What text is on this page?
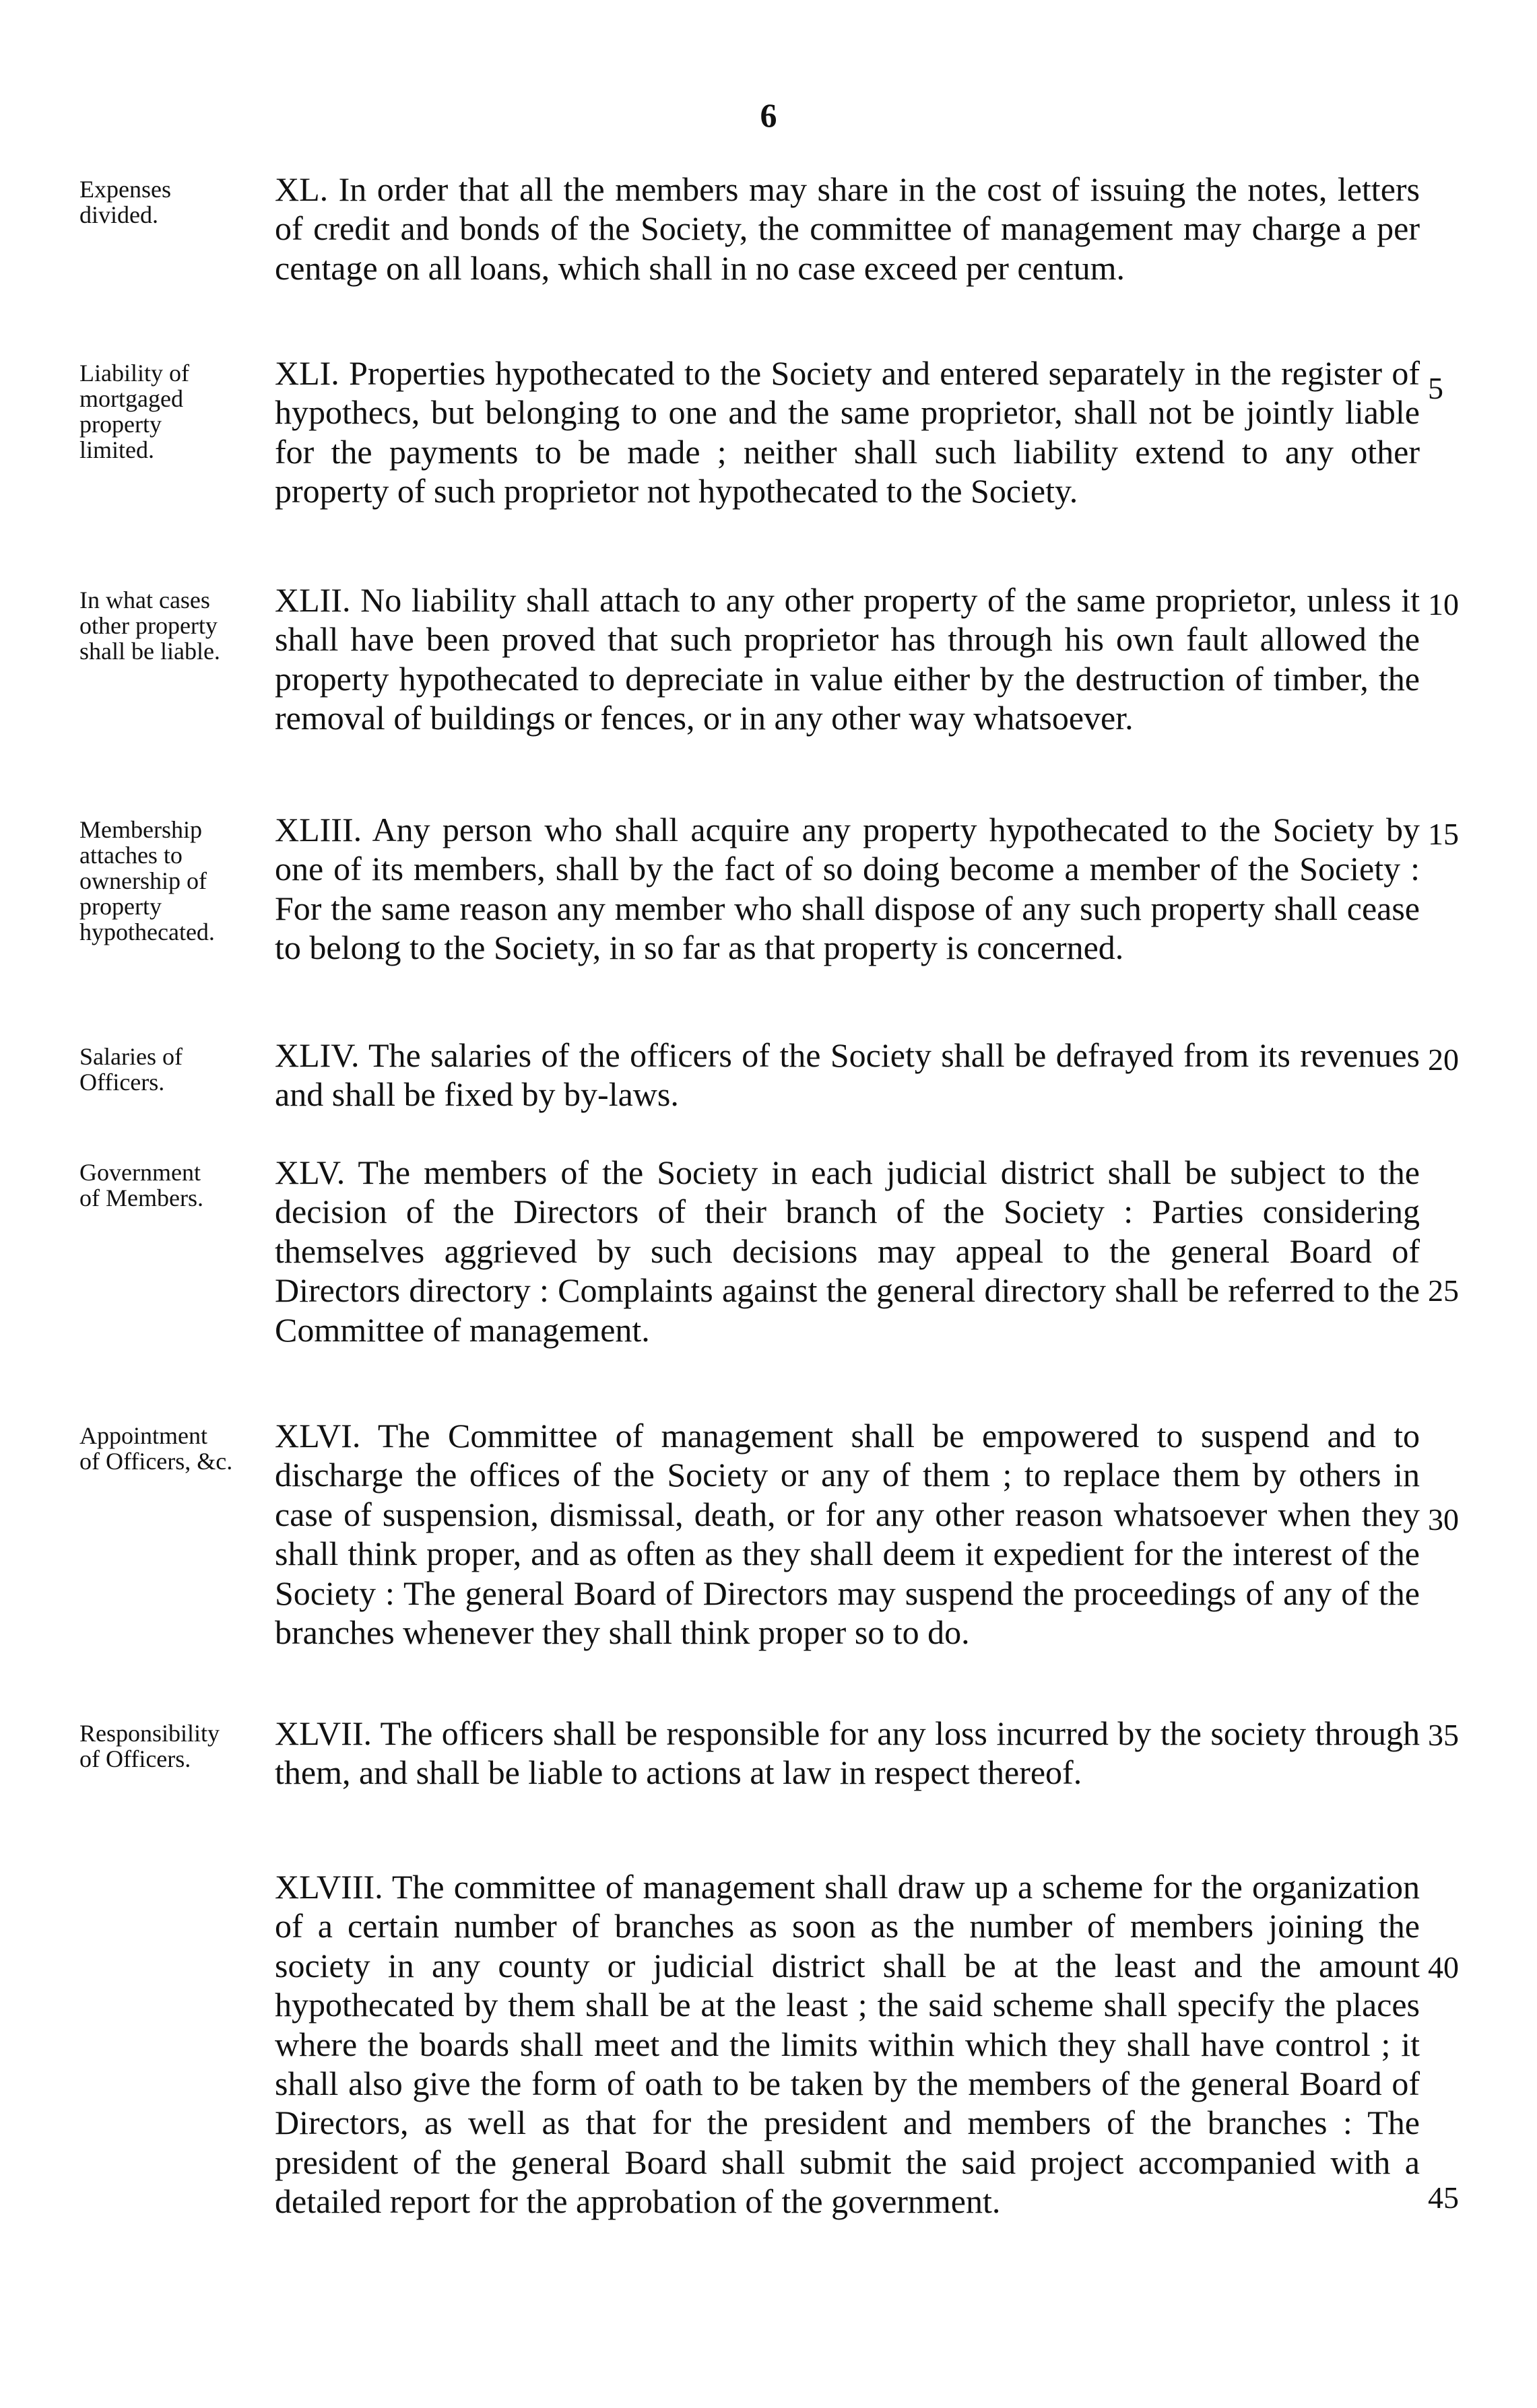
6
Expenses
divided.
XL. In order that all the members may share in the cost of issuing the notes, letters of credit and bonds of the Society, the committee of management may charge a per centage on all loans, which shall in no case exceed per centum.
Liability of
mortgaged
property
limited.
XLI. Properties hypothecated to the Society and entered separately in the register of hypothecs, but belonging to one and the same proprietor, shall not be jointly liable for the payments to be made ; neither shall such liability extend to any other property of such proprietor not hypothecated to the Society.
In what cases
other property
shall be liable.
XLII. No liability shall attach to any other property of the same proprietor, unless it shall have been proved that such proprietor has through his own fault allowed the property hypothecated to depreciate in value either by the destruction of timber, the removal of buildings or fences, or in any other way whatsoever.
Membership
attaches to
ownership of
property
hypothecated.
XLIII. Any person who shall acquire any property hypothecated to the Society by one of its members, shall by the fact of so doing become a member of the Society : For the same reason any member who shall dispose of any such property shall cease to belong to the Society, in so far as that property is concerned.
Salaries of
Officers.
XLIV. The salaries of the officers of the Society shall be defrayed from its revenues and shall be fixed by by-laws.
Government
of Members.
XLV. The members of the Society in each judicial district shall be subject to the decision of the Directors of their branch of the Society : Parties considering themselves aggrieved by such decisions may appeal to the general Board of Directors directory : Complaints against the general directory shall be referred to the Committee of management.
Appointment
of Officers, &c.
XLVI. The Committee of management shall be empowered to suspend and to discharge the offices of the Society or any of them ; to replace them by others in case of suspension, dismissal, death, or for any other reason whatsoever when they shall think proper, and as often as they shall deem it expedient for the interest of the Society : The general Board of Directors may suspend the proceedings of any of the branches whenever they shall think proper so to do.
Responsibility
of Officers.
XLVII. The officers shall be responsible for any loss incurred by the society through them, and shall be liable to actions at law in respect thereof.
XLVIII. The committee of management shall draw up a scheme for the organization of a certain number of branches as soon as the number of members joining the society in any county or judicial district shall be at the least and the amount hypothecated by them shall be at the least ; the said scheme shall specify the places where the boards shall meet and the limits within which they shall have control ; it shall also give the form of oath to be taken by the members of the general Board of Directors, as well as that for the president and members of the branches : The president of the general Board shall submit the said project accompanied with a detailed report for the approbation of the government.
5
10
15
20
25
30
35
40
45
